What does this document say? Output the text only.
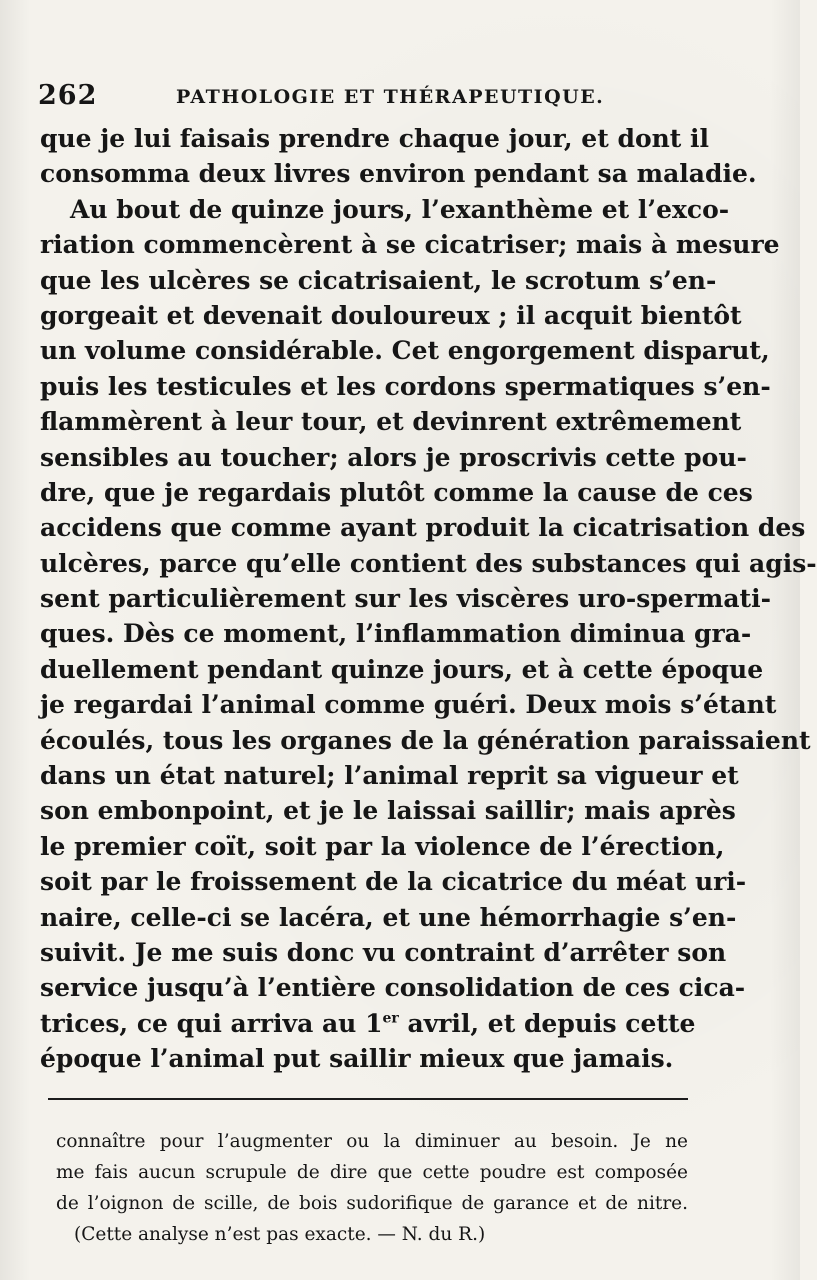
262	PATHOLOGIE ET THÉRAPEUTIQUE.
que je lui faisais prendre chaque jour, et dont il
consomma deux livres environ pendant sa maladie.
Au bout de quinze jours, l’exanthème et l’exco-
riation commencèrent à se cicatriser; mais à mesure
que les ulcères se cicatrisaient, le scrotum s’en-
gorgeait et devenait douloureux ; il acquit bientôt
un volume considérable. Cet engorgement disparut,
puis les testicules et les cordons spermatiques s’en-
flammèrent à leur tour, et devinrent extrêmement
sensibles au toucher; alors je proscrivis cette pou-
dre, que je regardais plutôt comme la cause de ces
accidens que comme ayant produit la cicatrisation des
ulcères, parce qu’elle contient des substances qui agis-
sent particulièrement sur les viscères uro-spermati-
ques. Dès ce moment, l’inflammation diminua gra-
duellement pendant quinze jours, et à cette époque
je regardai l’animal comme guéri. Deux mois s’étant
écoulés, tous les organes de la génération paraissaient
dans un état naturel; l’animal reprit sa vigueur et
son embonpoint, et je le laissai saillir; mais après
le premier coït, soit par la violence de l’érection,
soit par le froissement de la cicatrice du méat uri-
naire, celle-ci se lacéra, et une hémorrhagie s’en-
suivit. Je me suis donc vu contraint d’arrêter son
service jusqu’à l’entière consolidation de ces cica-
trices, ce qui arriva au 1er avril, et depuis cette
époque l’animal put saillir mieux que jamais.
connaître pour l’augmenter ou la diminuer au besoin. Je ne
me fais aucun scrupule de dire que cette poudre est composée
de l’oignon de scille, de bois sudorifique de garance et de nitre.
(Cette analyse n’est pas exacte. — N. du R.)
